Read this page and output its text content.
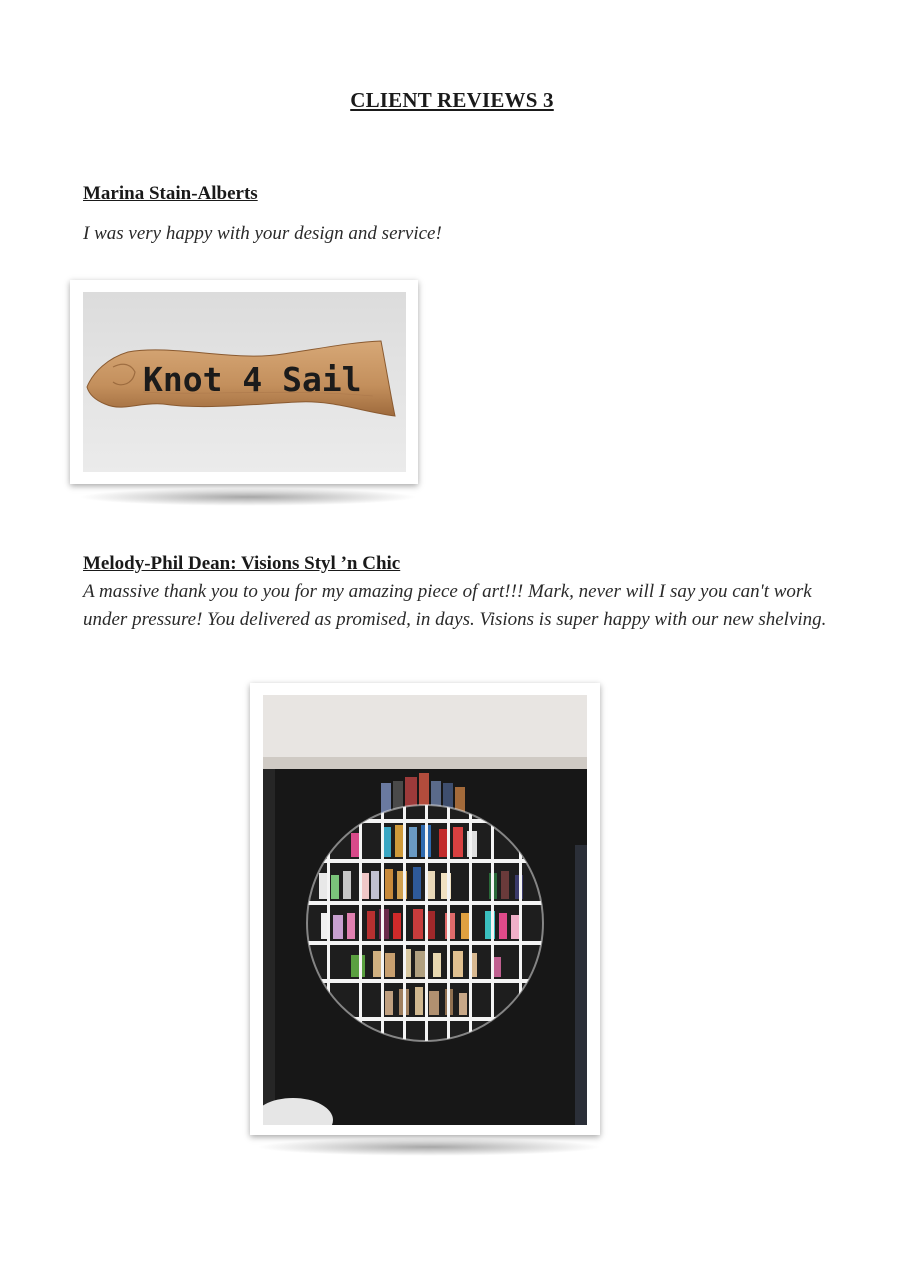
CLIENT REVIEWS 3
Marina Stain-Alberts
I was very happy with your design and service!
Knot 4 Sail
Melody-Phil Dean: Visions Styl ’n Chic
A massive thank you to you for my amazing piece of art!!! Mark, never will I say you can't work under pressure! You delivered as promised, in days. Visions is super happy with our new shelving.
